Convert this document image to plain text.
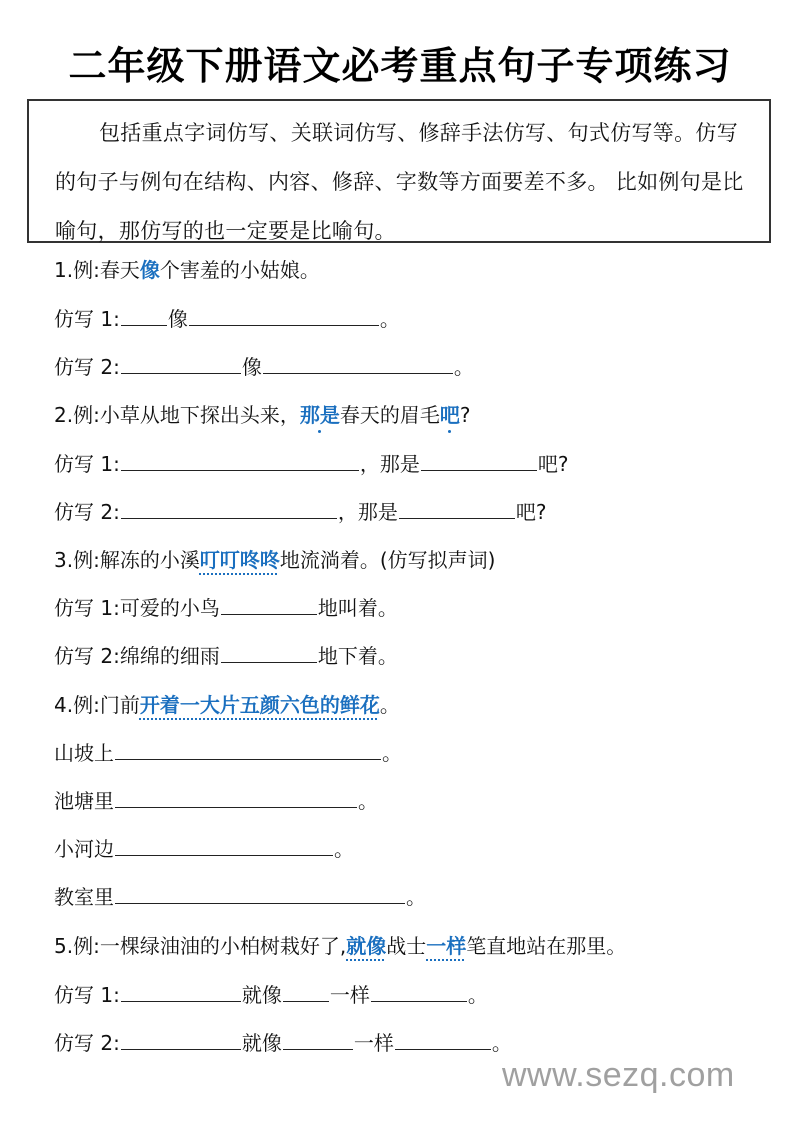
二年级下册语文必考重点句子专项练习

包括重点字词仿写、关联词仿写、修辞手法仿写、句式仿写等。仿写的句子与例句在结构、内容、修辞、字数等方面要差不多。 比如例句是比喻句，那仿写的也一定要是比喻句。

1.例:春天像个害羞的小姑娘。
仿写 1: 像	。
仿写 2:	像	。
2.例:小草从地下探出头来，那是春天的眉毛吧?
仿写 1:	，那是	吧?
仿写 2:	，那是	吧?
3.例:解冻的小溪叮叮咚咚地流淌着。(仿写拟声词)
仿写 1:可爱的小鸟	地叫着。
仿写 2:绵绵的细雨	地下着。
4.例:门前开着一大片五颜六色的鲜花。
山坡上	。
池塘里	。
小河边	。
教室里	。
5.例:一棵绿油油的小柏树栽好了,就像战士一样笔直地站在那里。
仿写 1:	就像 一样	。
仿写 2:	就像	一样	。
www.sezq.com
